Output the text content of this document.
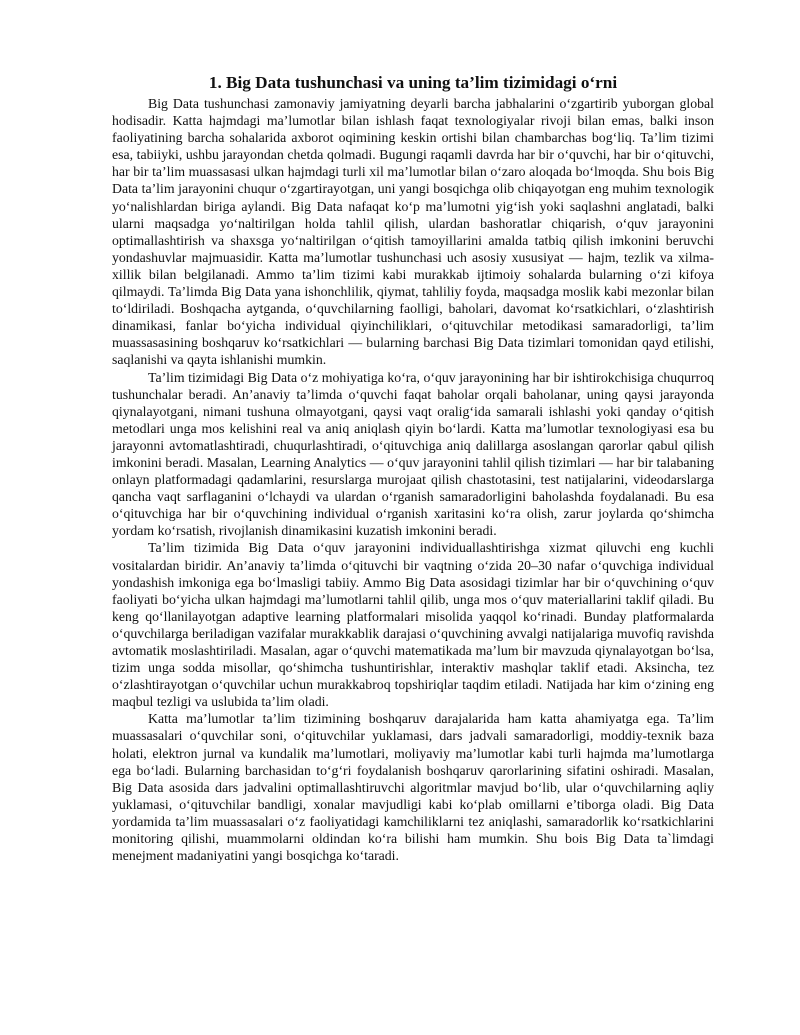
1. Big Data tushunchasi va uning ta’lim tizimidagi o‘rni

Big Data tushunchasi zamonaviy jamiyatning deyarli barcha jabhalarini o‘zgartirib yuborgan global hodisadir. Katta hajmdagi ma’lumotlar bilan ishlash faqat texnologiyalar rivoji bilan emas, balki inson faoliyatining barcha sohalarida axborot oqimining keskin ortishi bilan chambarchas bog‘liq. Ta’lim tizimi esa, tabiiyki, ushbu jarayondan chetda qolmadi. Bugungi raqamli davrda har bir o‘quvchi, har bir o‘qituvchi, har bir ta’lim muassasasi ulkan hajmdagi turli xil ma’lumotlar bilan o‘zaro aloqada bo‘lmoqda. Shu bois Big Data ta’lim jarayonini chuqur o‘zgartirayotgan, uni yangi bosqichga olib chiqayotgan eng muhim texnologik yo‘nalishlardan biriga aylandi. Big Data nafaqat ko‘p ma’lumotni yig‘ish yoki saqlashni anglatadi, balki ularni maqsadga yo‘naltirilgan holda tahlil qilish, ulardan bashoratlar chiqarish, o‘quv jarayonini optimallashtirish va shaxsga yo‘naltirilgan o‘qitish tamoyillarini amalda tatbiq qilish imkonini beruvchi yondashuvlar majmuasidir. Katta ma’lumotlar tushunchasi uch asosiy xususiyat — hajm, tezlik va xilma-xillik bilan belgilanadi. Ammo ta’lim tizimi kabi murakkab ijtimoiy sohalarda bularning o‘zi kifoya qilmaydi. Ta’limda Big Data yana ishonchlilik, qiymat, tahliliy foyda, maqsadga moslik kabi mezonlar bilan to‘ldiriladi. Boshqacha aytganda, o‘quvchilarning faolligi, baholari, davomat ko‘rsatkichlari, o‘zlashtirish dinamikasi, fanlar bo‘yicha individual qiyinchiliklari, o‘qituvchilar metodikasi samaradorligi, ta’lim muassasasining boshqaruv ko‘rsatkichlari — bularning barchasi Big Data tizimlari tomonidan qayd etilishi, saqlanishi va qayta ishlanishi mumkin.

Ta’lim tizimidagi Big Data o‘z mohiyatiga ko‘ra, o‘quv jarayonining har bir ishtirokchisiga chuqurroq tushunchalar beradi. An’anaviy ta’limda o‘quvchi faqat baholar orqali baholanar, uning qaysi jarayonda qiynalayotgani, nimani tushuna olmayotgani, qaysi vaqt oralig‘ida samarali ishlashi yoki qanday o‘qitish metodlari unga mos kelishini real va aniq aniqlash qiyin bo‘lardi. Katta ma’lumotlar texnologiyasi esa bu jarayonni avtomatlashtiradi, chuqurlashtiradi, o‘qituvchiga aniq dalillarga asoslangan qarorlar qabul qilish imkonini beradi. Masalan, Learning Analytics — o‘quv jarayonini tahlil qilish tizimlari — har bir talabaning onlayn platformadagi qadamlarini, resurslarga murojaat qilish chastotasini, test natijalarini, videodarslarga qancha vaqt sarflaganini o‘lchaydi va ulardan o‘rganish samaradorligini baholashda foydalanadi. Bu esa o‘qituvchiga har bir o‘quvchining individual o‘rganish xaritasini ko‘ra olish, zarur joylarda qo‘shimcha yordam ko‘rsatish, rivojlanish dinamikasini kuzatish imkonini beradi.

Ta’lim tizimida Big Data o‘quv jarayonini individuallashtirishga xizmat qiluvchi eng kuchli vositalardan biridir. An’anaviy ta’limda o‘qituvchi bir vaqtning o‘zida 20–30 nafar o‘quvchiga individual yondashish imkoniga ega bo‘lmasligi tabiiy. Ammo Big Data asosidagi tizimlar har bir o‘quvchining o‘quv faoliyati bo‘yicha ulkan hajmdagi ma’lumotlarni tahlil qilib, unga mos o‘quv materiallarini taklif qiladi. Bu keng qo‘llanilayotgan adaptive learning platformalari misolida yaqqol ko‘rinadi. Bunday platformalarda o‘quvchilarga beriladigan vazifalar murakkablik darajasi o‘quvchining avvalgi natijalariga muvofiq ravishda avtomatik moslashtiriladi. Masalan, agar o‘quvchi matematikada ma’lum bir mavzuda qiynalayotgan bo‘lsa, tizim unga sodda misollar, qo‘shimcha tushuntirishlar, interaktiv mashqlar taklif etadi. Aksincha, tez o‘zlashtirayotgan o‘quvchilar uchun murakkabroq topshiriqlar taqdim etiladi. Natijada har kim o‘zining eng maqbul tezligi va uslubida ta’lim oladi.

Katta ma’lumotlar ta’lim tizimining boshqaruv darajalarida ham katta ahamiyatga ega. Ta’lim muassasalari o‘quvchilar soni, o‘qituvchilar yuklamasi, dars jadvali samaradorligi, moddiy-texnik baza holati, elektron jurnal va kundalik ma’lumotlari, moliyaviy ma’lumotlar kabi turli hajmda ma’lumotlarga ega bo‘ladi. Bularning barchasidan to‘g‘ri foydalanish boshqaruv qarorlarining sifatini oshiradi. Masalan, Big Data asosida dars jadvalini optimallashtiruvchi algoritmlar mavjud bo‘lib, ular o‘quvchilarning aqliy yuklamasi, o‘qituvchilar bandligi, xonalar mavjudligi kabi ko‘plab omillarni e’tiborga oladi. Big Data yordamida ta’lim muassasalari o‘z faoliyatidagi kamchiliklarni tez aniqlashi, samaradorlik ko‘rsatkichlarini monitoring qilishi, muammolarni oldindan ko‘ra bilishi ham mumkin. Shu bois Big Data ta`limdagi menejment madaniyatini yangi bosqichga ko‘taradi.
